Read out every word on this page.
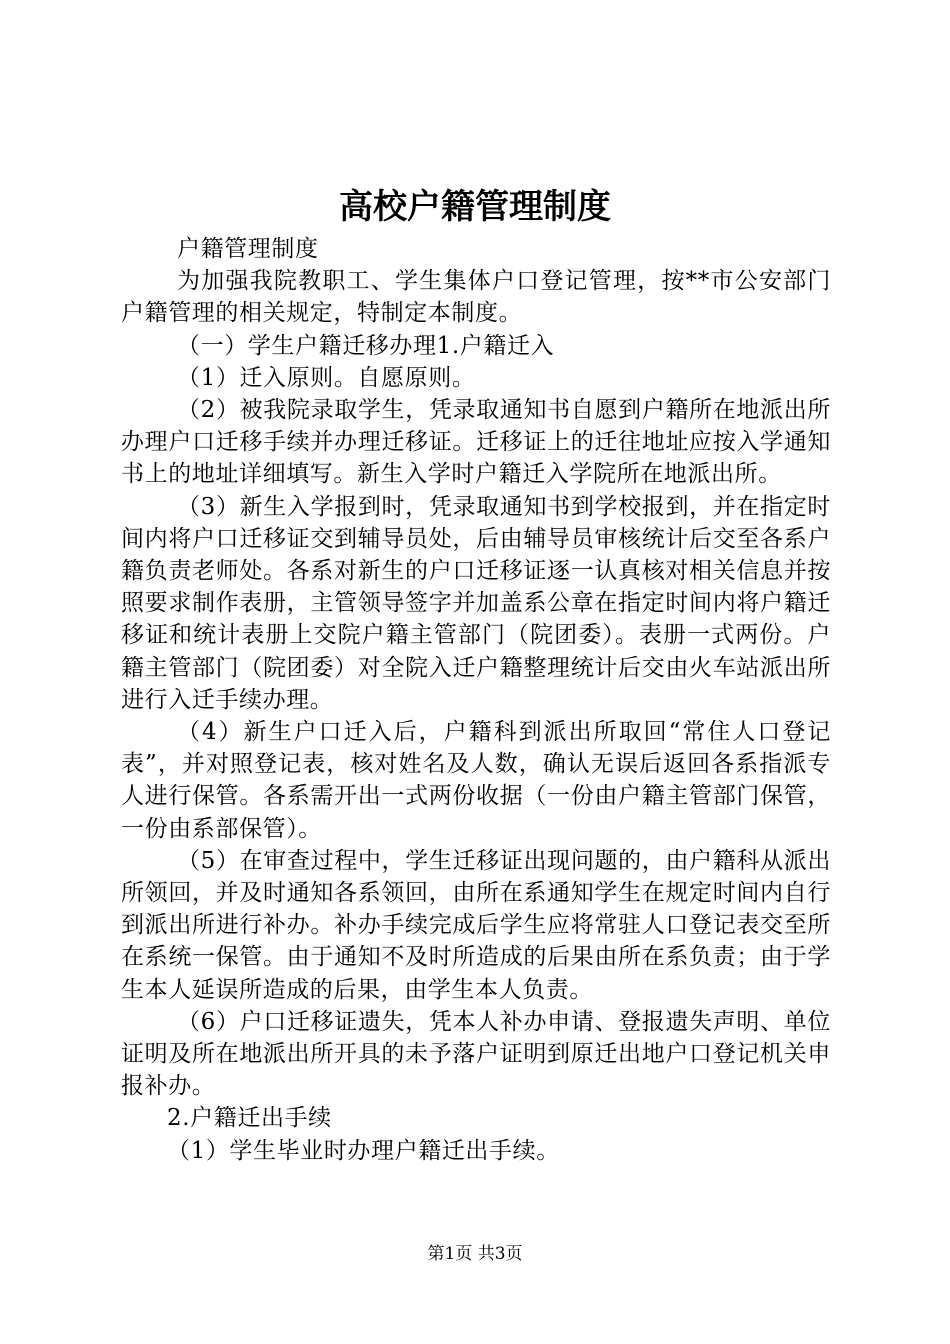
高校户籍管理制度

户籍管理制度

为加强我院教职工、学生集体户口登记管理，按**市公安部门户籍管理的相关规定，特制定本制度。

（一）学生户籍迁移办理1.户籍迁入

（1）迁入原则。自愿原则。

（2）被我院录取学生，凭录取通知书自愿到户籍所在地派出所办理户口迁移手续并办理迁移证。迁移证上的迁往地址应按入学通知书上的地址详细填写。新生入学时户籍迁入学院所在地派出所。

（3）新生入学报到时，凭录取通知书到学校报到，并在指定时间内将户口迁移证交到辅导员处，后由辅导员审核统计后交至各系户籍负责老师处。各系对新生的户口迁移证逐一认真核对相关信息并按照要求制作表册，主管领导签字并加盖系公章在指定时间内将户籍迁移证和统计表册上交院户籍主管部门（院团委）。表册一式两份。户籍主管部门（院团委）对全院入迁户籍整理统计后交由火车站派出所进行入迁手续办理。

（4）新生户口迁入后，户籍科到派出所取回“常住人口登记表”，并对照登记表，核对姓名及人数，确认无误后返回各系指派专人进行保管。各系需开出一式两份收据（一份由户籍主管部门保管，一份由系部保管）。

（5）在审查过程中，学生迁移证出现问题的，由户籍科从派出所领回，并及时通知各系领回，由所在系通知学生在规定时间内自行到派出所进行补办。补办手续完成后学生应将常驻人口登记表交至所在系统一保管。由于通知不及时所造成的后果由所在系负责；由于学生本人延误所造成的后果，由学生本人负责。

（6）户口迁移证遗失，凭本人补办申请、登报遗失声明、单位证明及所在地派出所开具的未予落户证明到原迁出地户口登记机关申报补办。

2.户籍迁出手续

（1）学生毕业时办理户籍迁出手续。

第1页 共3页
